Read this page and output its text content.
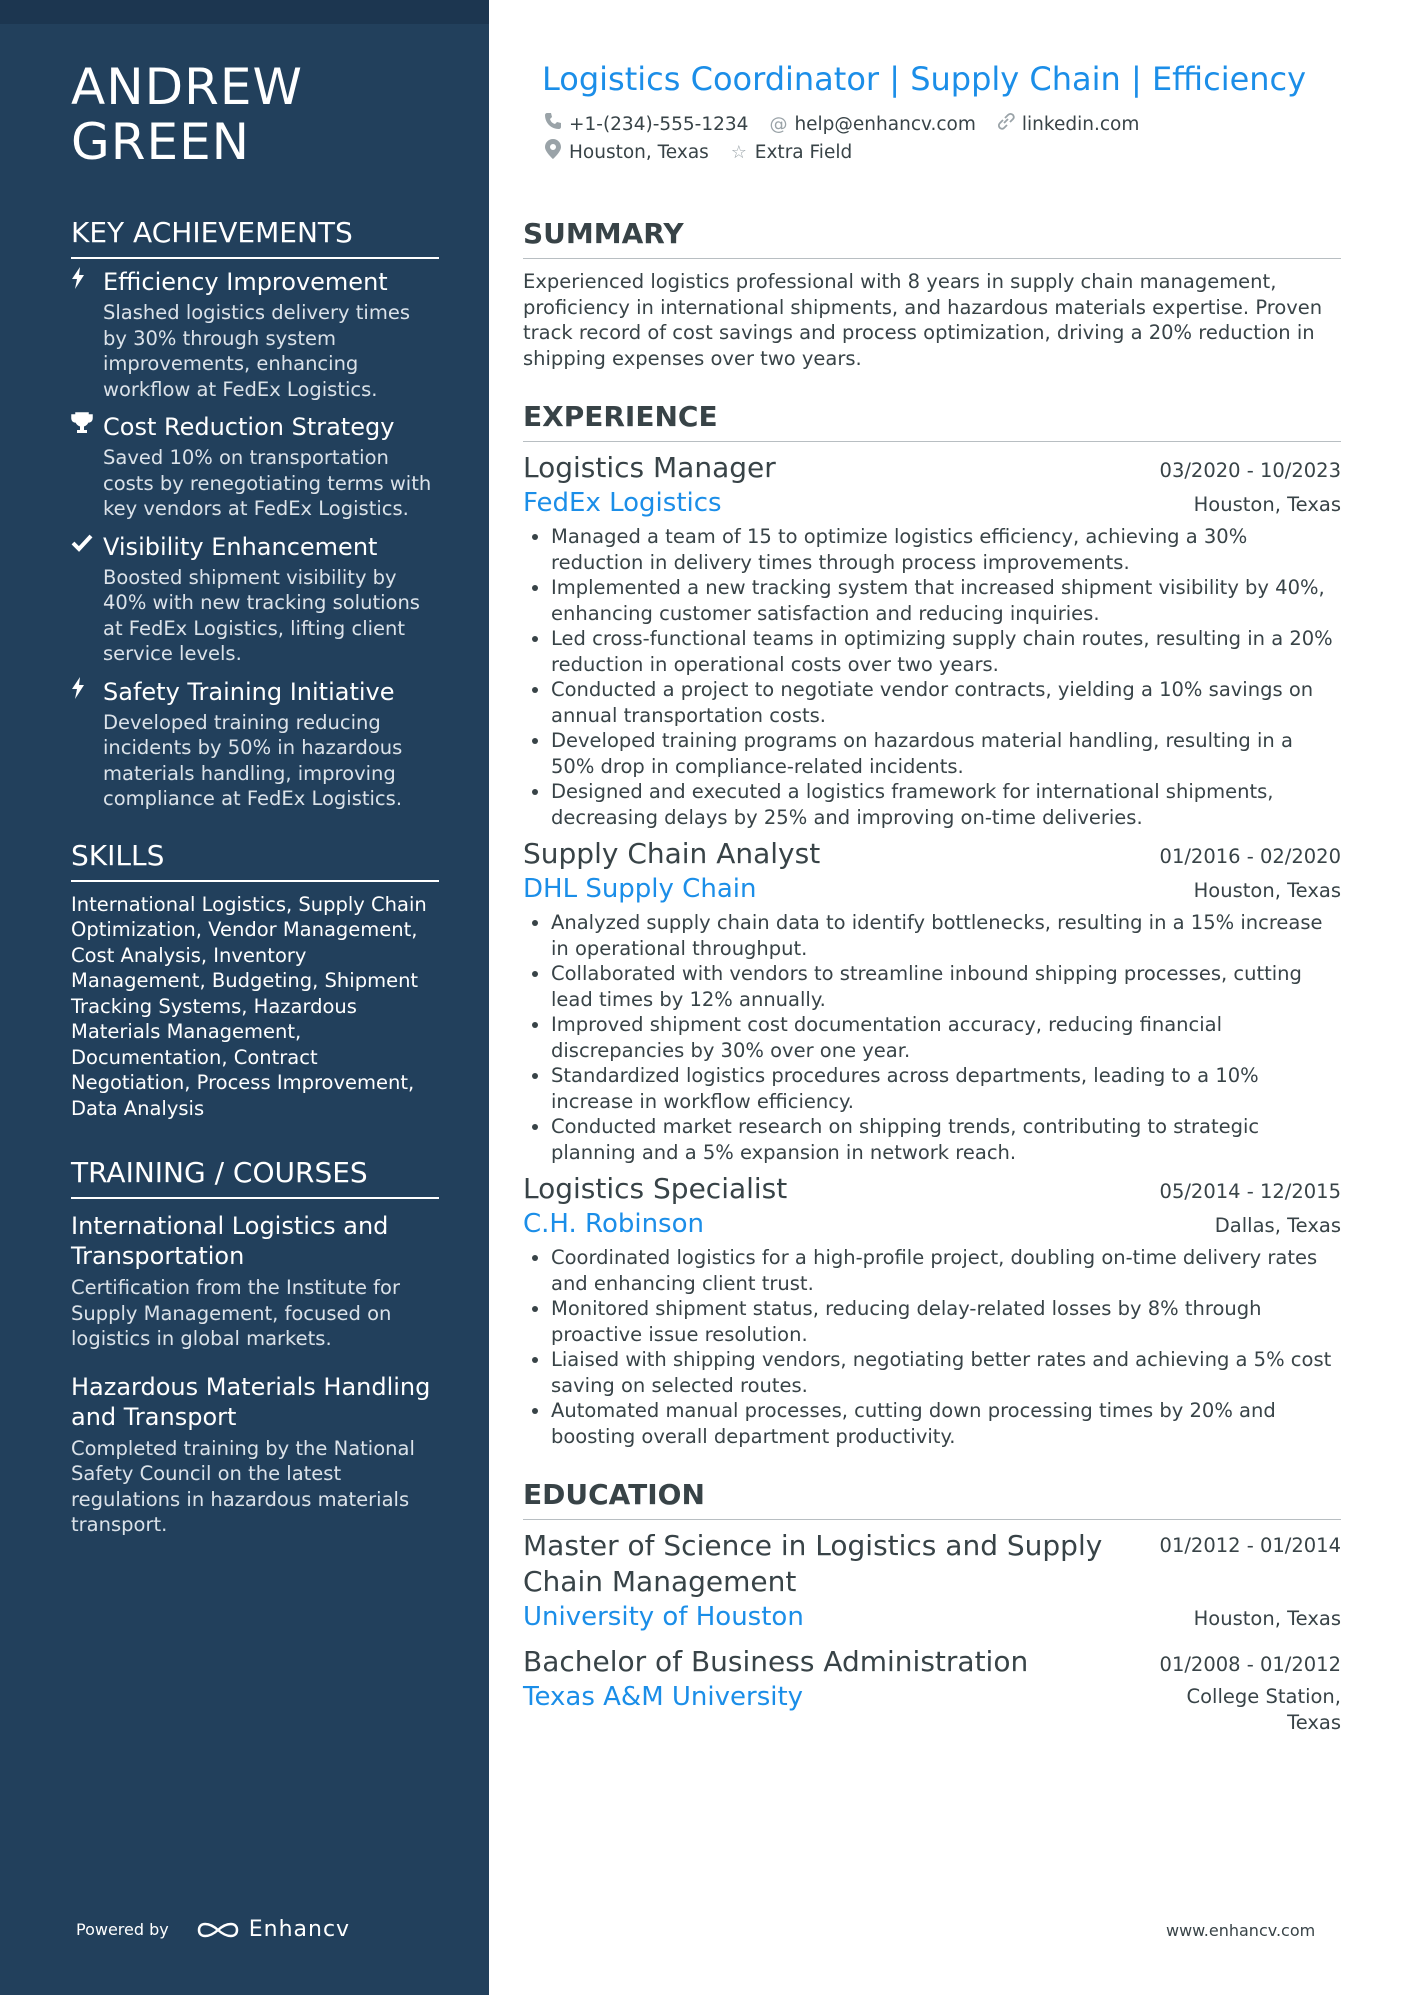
ANDREW
GREEN
KEY ACHIEVEMENTS
Efficiency Improvement
Slashed logistics delivery times by 30% through system improvements, enhancing workflow at FedEx Logistics.
Cost Reduction Strategy
Saved 10% on transportation costs by renegotiating terms with key vendors at FedEx Logistics.
Visibility Enhancement
Boosted shipment visibility by 40% with new tracking solutions at FedEx Logistics, lifting client service levels.
Safety Training Initiative
Developed training reducing incidents by 50% in hazardous materials handling, improving compliance at FedEx Logistics.
SKILLS
International Logistics, Supply Chain Optimization, Vendor Management, Cost Analysis, Inventory Management, Budgeting, Shipment Tracking Systems, Hazardous Materials Management, Documentation, Contract Negotiation, Process Improvement, Data Analysis
TRAINING / COURSES
International Logistics and Transportation
Certification from the Institute for Supply Management, focused on logistics in global markets.
Hazardous Materials Handling and Transport
Completed training by the National Safety Council on the latest regulations in hazardous materials transport.
Powered by	Enhancv
Logistics Coordinator | Supply Chain | Efficiency
+1-(234)-555-1234 @ help@enhancv.com linkedin.com
Houston, Texas ☆ Extra Field
SUMMARY
Experienced logistics professional with 8 years in supply chain management, proficiency in international shipments, and hazardous materials expertise. Proven track record of cost savings and process optimization, driving a 20% reduction in shipping expenses over two years.
EXPERIENCE
Logistics Manager	03/2020 - 10/2023
FedEx Logistics	Houston, Texas
• Managed a team of 15 to optimize logistics efficiency, achieving a 30% reduction in delivery times through process improvements.
• Implemented a new tracking system that increased shipment visibility by 40%, enhancing customer satisfaction and reducing inquiries.
• Led cross-functional teams in optimizing supply chain routes, resulting in a 20% reduction in operational costs over two years.
• Conducted a project to negotiate vendor contracts, yielding a 10% savings on annual transportation costs.
• Developed training programs on hazardous material handling, resulting in a 50% drop in compliance-related incidents.
• Designed and executed a logistics framework for international shipments, decreasing delays by 25% and improving on-time deliveries.
Supply Chain Analyst	01/2016 - 02/2020
DHL Supply Chain	Houston, Texas
• Analyzed supply chain data to identify bottlenecks, resulting in a 15% increase in operational throughput.
• Collaborated with vendors to streamline inbound shipping processes, cutting lead times by 12% annually.
• Improved shipment cost documentation accuracy, reducing financial discrepancies by 30% over one year.
• Standardized logistics procedures across departments, leading to a 10% increase in workflow efficiency.
• Conducted market research on shipping trends, contributing to strategic planning and a 5% expansion in network reach.
Logistics Specialist	05/2014 - 12/2015
C.H. Robinson	Dallas, Texas
• Coordinated logistics for a high-profile project, doubling on-time delivery rates and enhancing client trust.
• Monitored shipment status, reducing delay-related losses by 8% through proactive issue resolution.
• Liaised with shipping vendors, negotiating better rates and achieving a 5% cost saving on selected routes.
• Automated manual processes, cutting down processing times by 20% and boosting overall department productivity.
EDUCATION
Master of Science in Logistics and Supply Chain Management
01/2012 - 01/2014
University of Houston	Houston, Texas
Bachelor of Business Administration	01/2008 - 01/2012
Texas A&M University	College Station, Texas
www.enhancv.com
